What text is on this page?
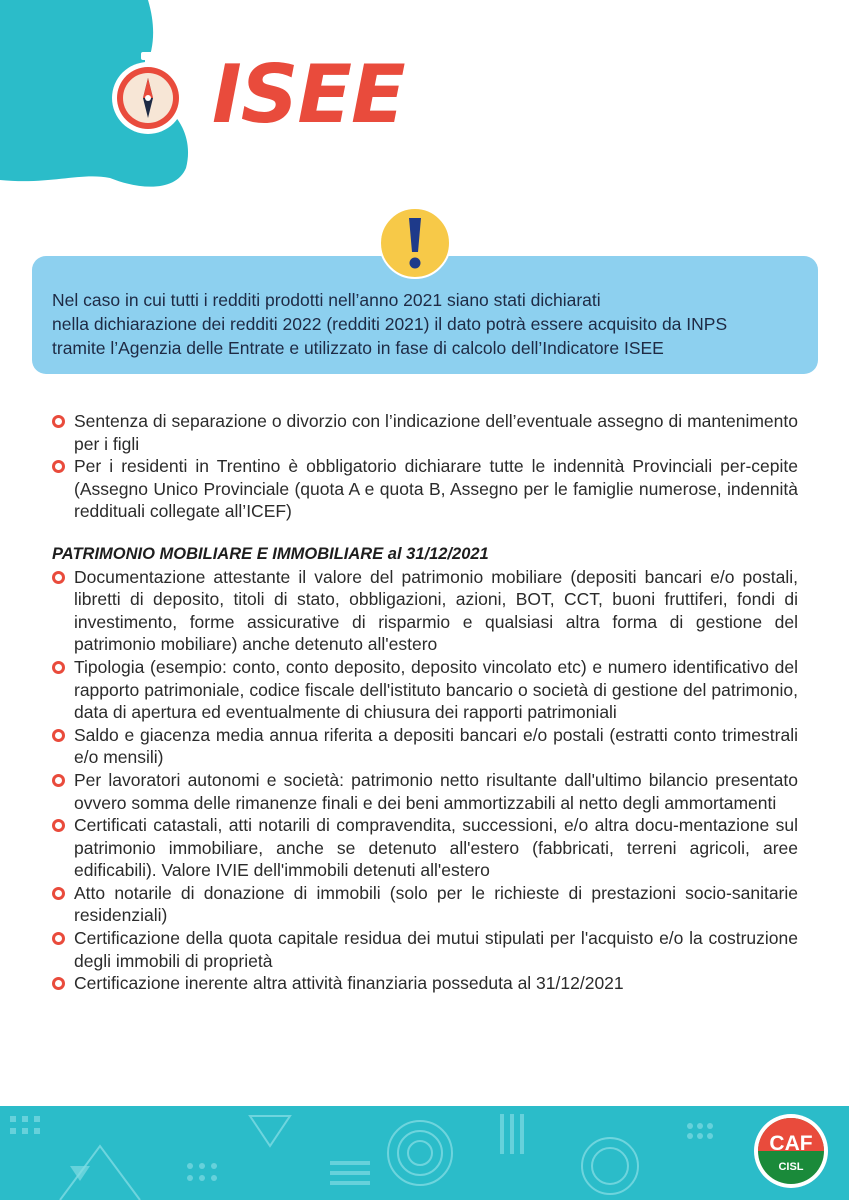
ISEE
Nel caso in cui tutti i redditi prodotti nell’anno 2021 siano stati dichiarati
nella dichiarazione dei redditi 2022 (redditi 2021) il dato potrà essere acquisito da INPS
tramite l’Agenzia delle Entrate e utilizzato in fase di calcolo dell’Indicatore ISEE
Sentenza di separazione o divorzio con l’indicazione dell’eventuale assegno di mantenimento per i figli
Per i residenti in Trentino è obbligatorio dichiarare tutte le indennità Provinciali per-cepite (Assegno Unico Provinciale (quota A e quota B, Assegno per le famiglie numerose, indennità reddituali collegate all’ICEF)
PATRIMONIO MOBILIARE E IMMOBILIARE al 31/12/2021
Documentazione attestante il valore del patrimonio mobiliare (depositi bancari e/o postali, libretti di deposito, titoli di stato, obbligazioni, azioni, BOT, CCT, buoni fruttiferi, fondi di investimento, forme assicurative di risparmio e qualsiasi altra forma di gestione del patrimonio mobiliare) anche detenuto all'estero
Tipologia (esempio: conto, conto deposito, deposito vincolato etc) e numero identificativo del rapporto patrimoniale, codice fiscale dell'istituto bancario o società di gestione del patrimonio, data di apertura ed eventualmente di chiusura dei rapporti patrimoniali
Saldo e giacenza media annua riferita a depositi bancari e/o postali (estratti conto trimestrali e/o mensili)
Per lavoratori autonomi e società: patrimonio netto risultante dall'ultimo bilancio presentato ovvero somma delle rimanenze finali e dei beni ammortizzabili al netto degli ammortamenti
Certificati catastali, atti notarili di compravendita, successioni, e/o altra docu-mentazione sul patrimonio immobiliare, anche se detenuto all'estero (fabbricati, terreni agricoli, aree edificabili). Valore IVIE dell'immobili detenuti all'estero
Atto notarile di donazione di immobili (solo per le richieste di prestazioni socio-sanitarie residenziali)
Certificazione della quota capitale residua dei mutui stipulati per l'acquisto e/o la costruzione degli immobili di proprietà
Certificazione inerente altra attività finanziaria posseduta al 31/12/2021
CAF
CISL
